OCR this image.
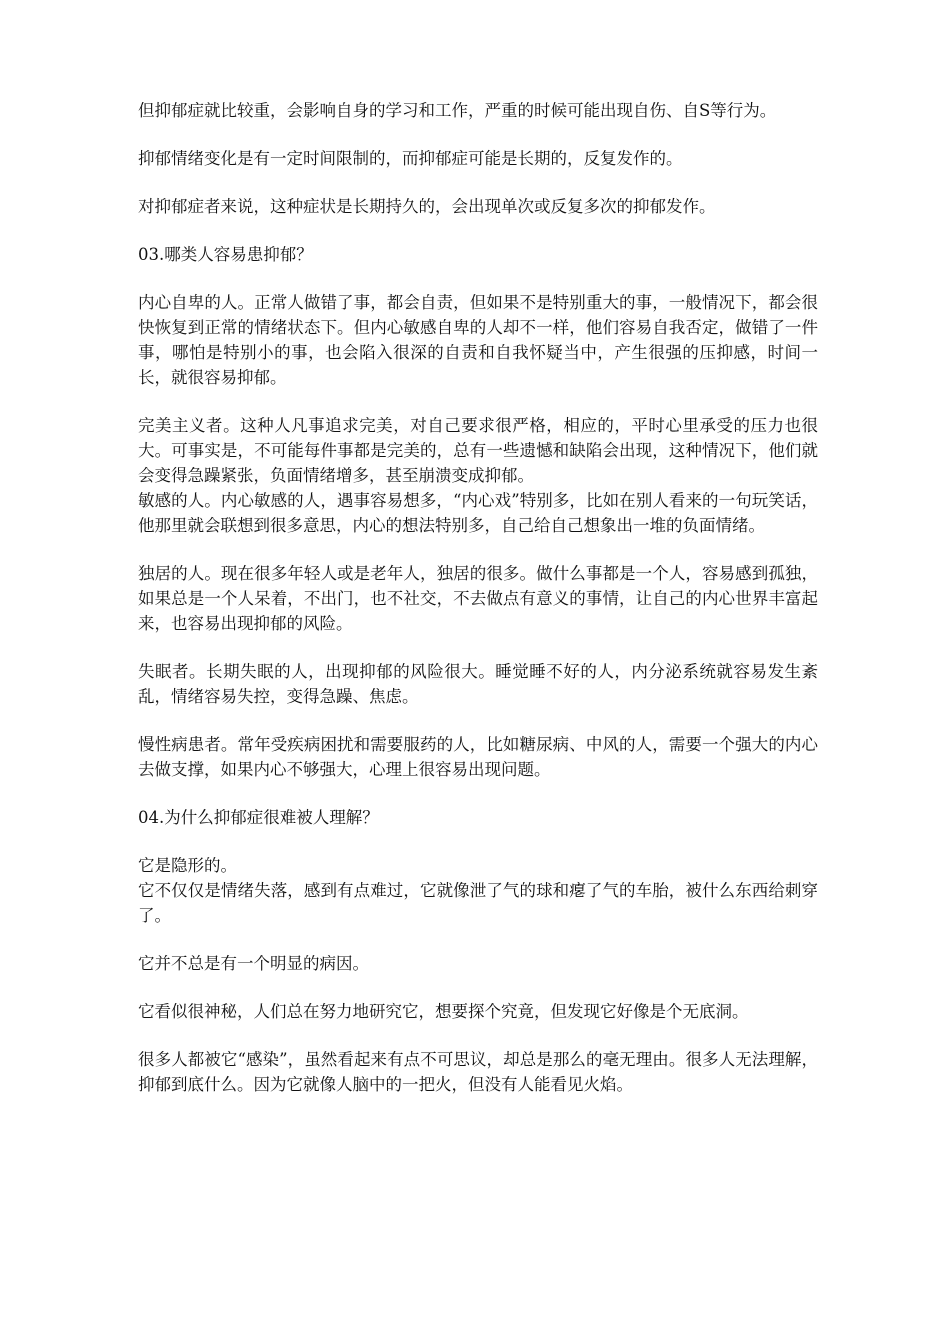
但抑郁症就比较重，会影响自身的学习和工作，严重的时候可能出现自伤、自S等行为。

抑郁情绪变化是有一定时间限制的，而抑郁症可能是长期的，反复发作的。

对抑郁症者来说，这种症状是长期持久的，会出现单次或反复多次的抑郁发作。

03.哪类人容易患抑郁？

内心自卑的人。正常人做错了事，都会自责，但如果不是特别重大的事，一般情况下，都会很快恢复到正常的情绪状态下。但内心敏感自卑的人却不一样，他们容易自我否定，做错了一件事，哪怕是特别小的事，也会陷入很深的自责和自我怀疑当中，产生很强的压抑感，时间一长，就很容易抑郁。

完美主义者。这种人凡事追求完美，对自己要求很严格，相应的，平时心里承受的压力也很大。可事实是，不可能每件事都是完美的，总有一些遗憾和缺陷会出现，这种情况下，他们就会变得急躁紧张，负面情绪增多，甚至崩溃变成抑郁。

敏感的人。内心敏感的人，遇事容易想多，“内心戏”特别多，比如在别人看来的一句玩笑话，他那里就会联想到很多意思，内心的想法特别多，自己给自己想象出一堆的负面情绪。

独居的人。现在很多年轻人或是老年人，独居的很多。做什么事都是一个人，容易感到孤独，如果总是一个人呆着，不出门，也不社交，不去做点有意义的事情，让自己的内心世界丰富起来，也容易出现抑郁的风险。

失眠者。长期失眠的人，出现抑郁的风险很大。睡觉睡不好的人，内分泌系统就容易发生紊乱，情绪容易失控，变得急躁、焦虑。

慢性病患者。常年受疾病困扰和需要服药的人，比如糖尿病、中风的人，需要一个强大的内心去做支撑，如果内心不够强大，心理上很容易出现问题。

04.为什么抑郁症很难被人理解？

它是隐形的。

它不仅仅是情绪失落，感到有点难过，它就像泄了气的球和瘪了气的车胎，被什么东西给刺穿了。

它并不总是有一个明显的病因。

它看似很神秘，人们总在努力地研究它，想要探个究竟，但发现它好像是个无底洞。

很多人都被它“感染”，虽然看起来有点不可思议，却总是那么的毫无理由。很多人无法理解，抑郁到底什么。因为它就像人脑中的一把火，但没有人能看见火焰。
